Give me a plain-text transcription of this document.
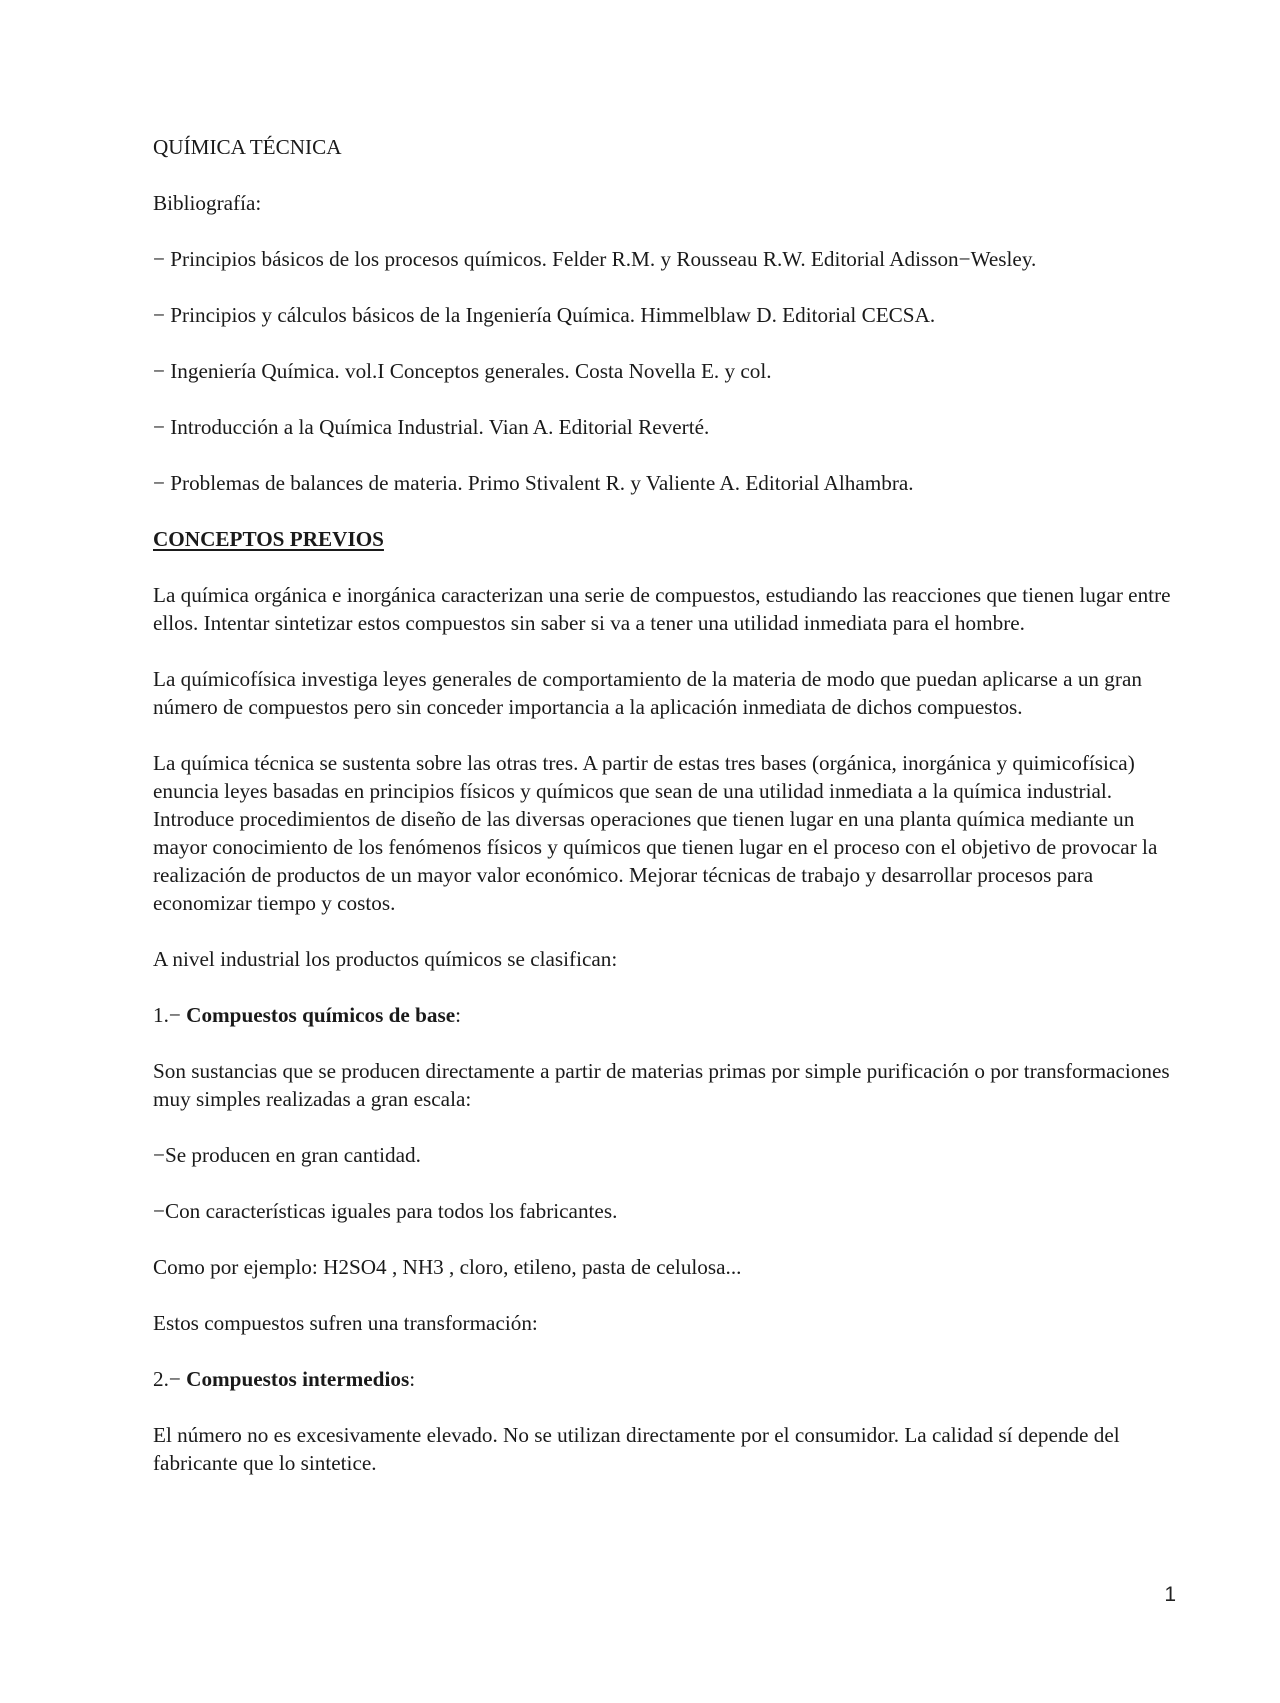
QUÍMICA TÉCNICA

Bibliografía:

− Principios básicos de los procesos químicos. Felder R.M. y Rousseau R.W. Editorial Adisson−Wesley.

− Principios y cálculos básicos de la Ingeniería Química. Himmelblaw D. Editorial CECSA.

− Ingeniería Química. vol.I Conceptos generales. Costa Novella E. y col.

− Introducción a la Química Industrial. Vian A. Editorial Reverté.

− Problemas de balances de materia. Primo Stivalent R. y Valiente A. Editorial Alhambra.

CONCEPTOS PREVIOS

La química orgánica e inorgánica caracterizan una serie de compuestos, estudiando las reacciones que tienen lugar entre ellos. Intentar sintetizar estos compuestos sin saber si va a tener una utilidad inmediata para el hombre.

La químicofísica investiga leyes generales de comportamiento de la materia de modo que puedan aplicarse a un gran número de compuestos pero sin conceder importancia a la aplicación inmediata de dichos compuestos.

La química técnica se sustenta sobre las otras tres. A partir de estas tres bases (orgánica, inorgánica y quimicofísica) enuncia leyes basadas en principios físicos y químicos que sean de una utilidad inmediata a la química industrial. Introduce procedimientos de diseño de las diversas operaciones que tienen lugar en una planta química mediante un mayor conocimiento de los fenómenos físicos y químicos que tienen lugar en el proceso con el objetivo de provocar la realización de productos de un mayor valor económico. Mejorar técnicas de trabajo y desarrollar procesos para economizar tiempo y costos.

A nivel industrial los productos químicos se clasifican:

1.− Compuestos químicos de base:

Son sustancias que se producen directamente a partir de materias primas por simple purificación o por transformaciones muy simples realizadas a gran escala:

−Se producen en gran cantidad.

−Con características iguales para todos los fabricantes.

Como por ejemplo: H2SO4 , NH3 , cloro, etileno, pasta de celulosa...

Estos compuestos sufren una transformación:

2.− Compuestos intermedios:

El número no es excesivamente elevado. No se utilizan directamente por el consumidor. La calidad sí depende del fabricante que lo sintetice.

1
